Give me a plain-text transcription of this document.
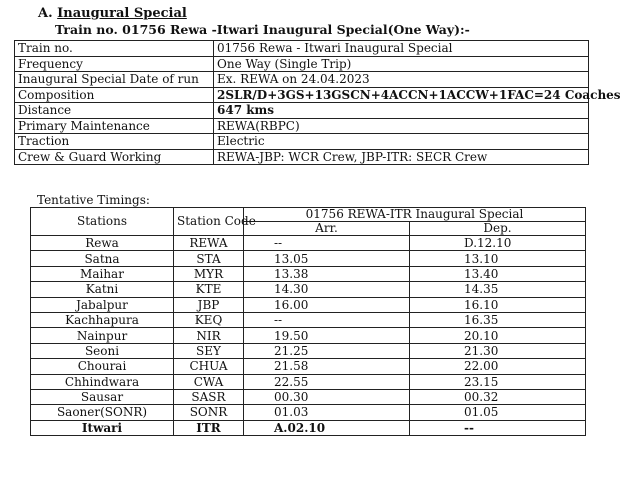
A. Inaugural Special
Train no. 01756 Rewa -Itwari Inaugural Special(One Way):-
Train no.	01756 Rewa - Itwari Inaugural Special
Frequency	One Way (Single Trip)
Inaugural Special Date of run	Ex. REWA on 24.04.2023
Composition	2SLR/D+3GS+13GSCN+4ACCN+1ACCW+1FAC=24 Coaches
Distance	647 kms
Primary Maintenance	REWA(RBPC)
Traction	Electric
Crew & Guard Working	REWA-JBP: WCR Crew, JBP-ITR: SECR Crew
Tentative Timings:
Stations	Station Code	01756 REWA-ITR Inaugural Special	
		Arr.	Dep.
Rewa	REWA	--	D.12.10
Satna	STA	13.05	13.10
Maihar	MYR	13.38	13.40
Katni	KTE	14.30	14.35
Jabalpur	JBP	16.00	16.10
Kachhapura	KEQ	--	16.35
Nainpur	NIR	19.50	20.10
Seoni	SEY	21.25	21.30
Chourai	CHUA	21.58	22.00
Chhindwara	CWA	22.55	23.15
Sausar	SASR	00.30	00.32
Saoner(SONR)	SONR	01.03	01.05
Itwari	ITR	A.02.10	--
